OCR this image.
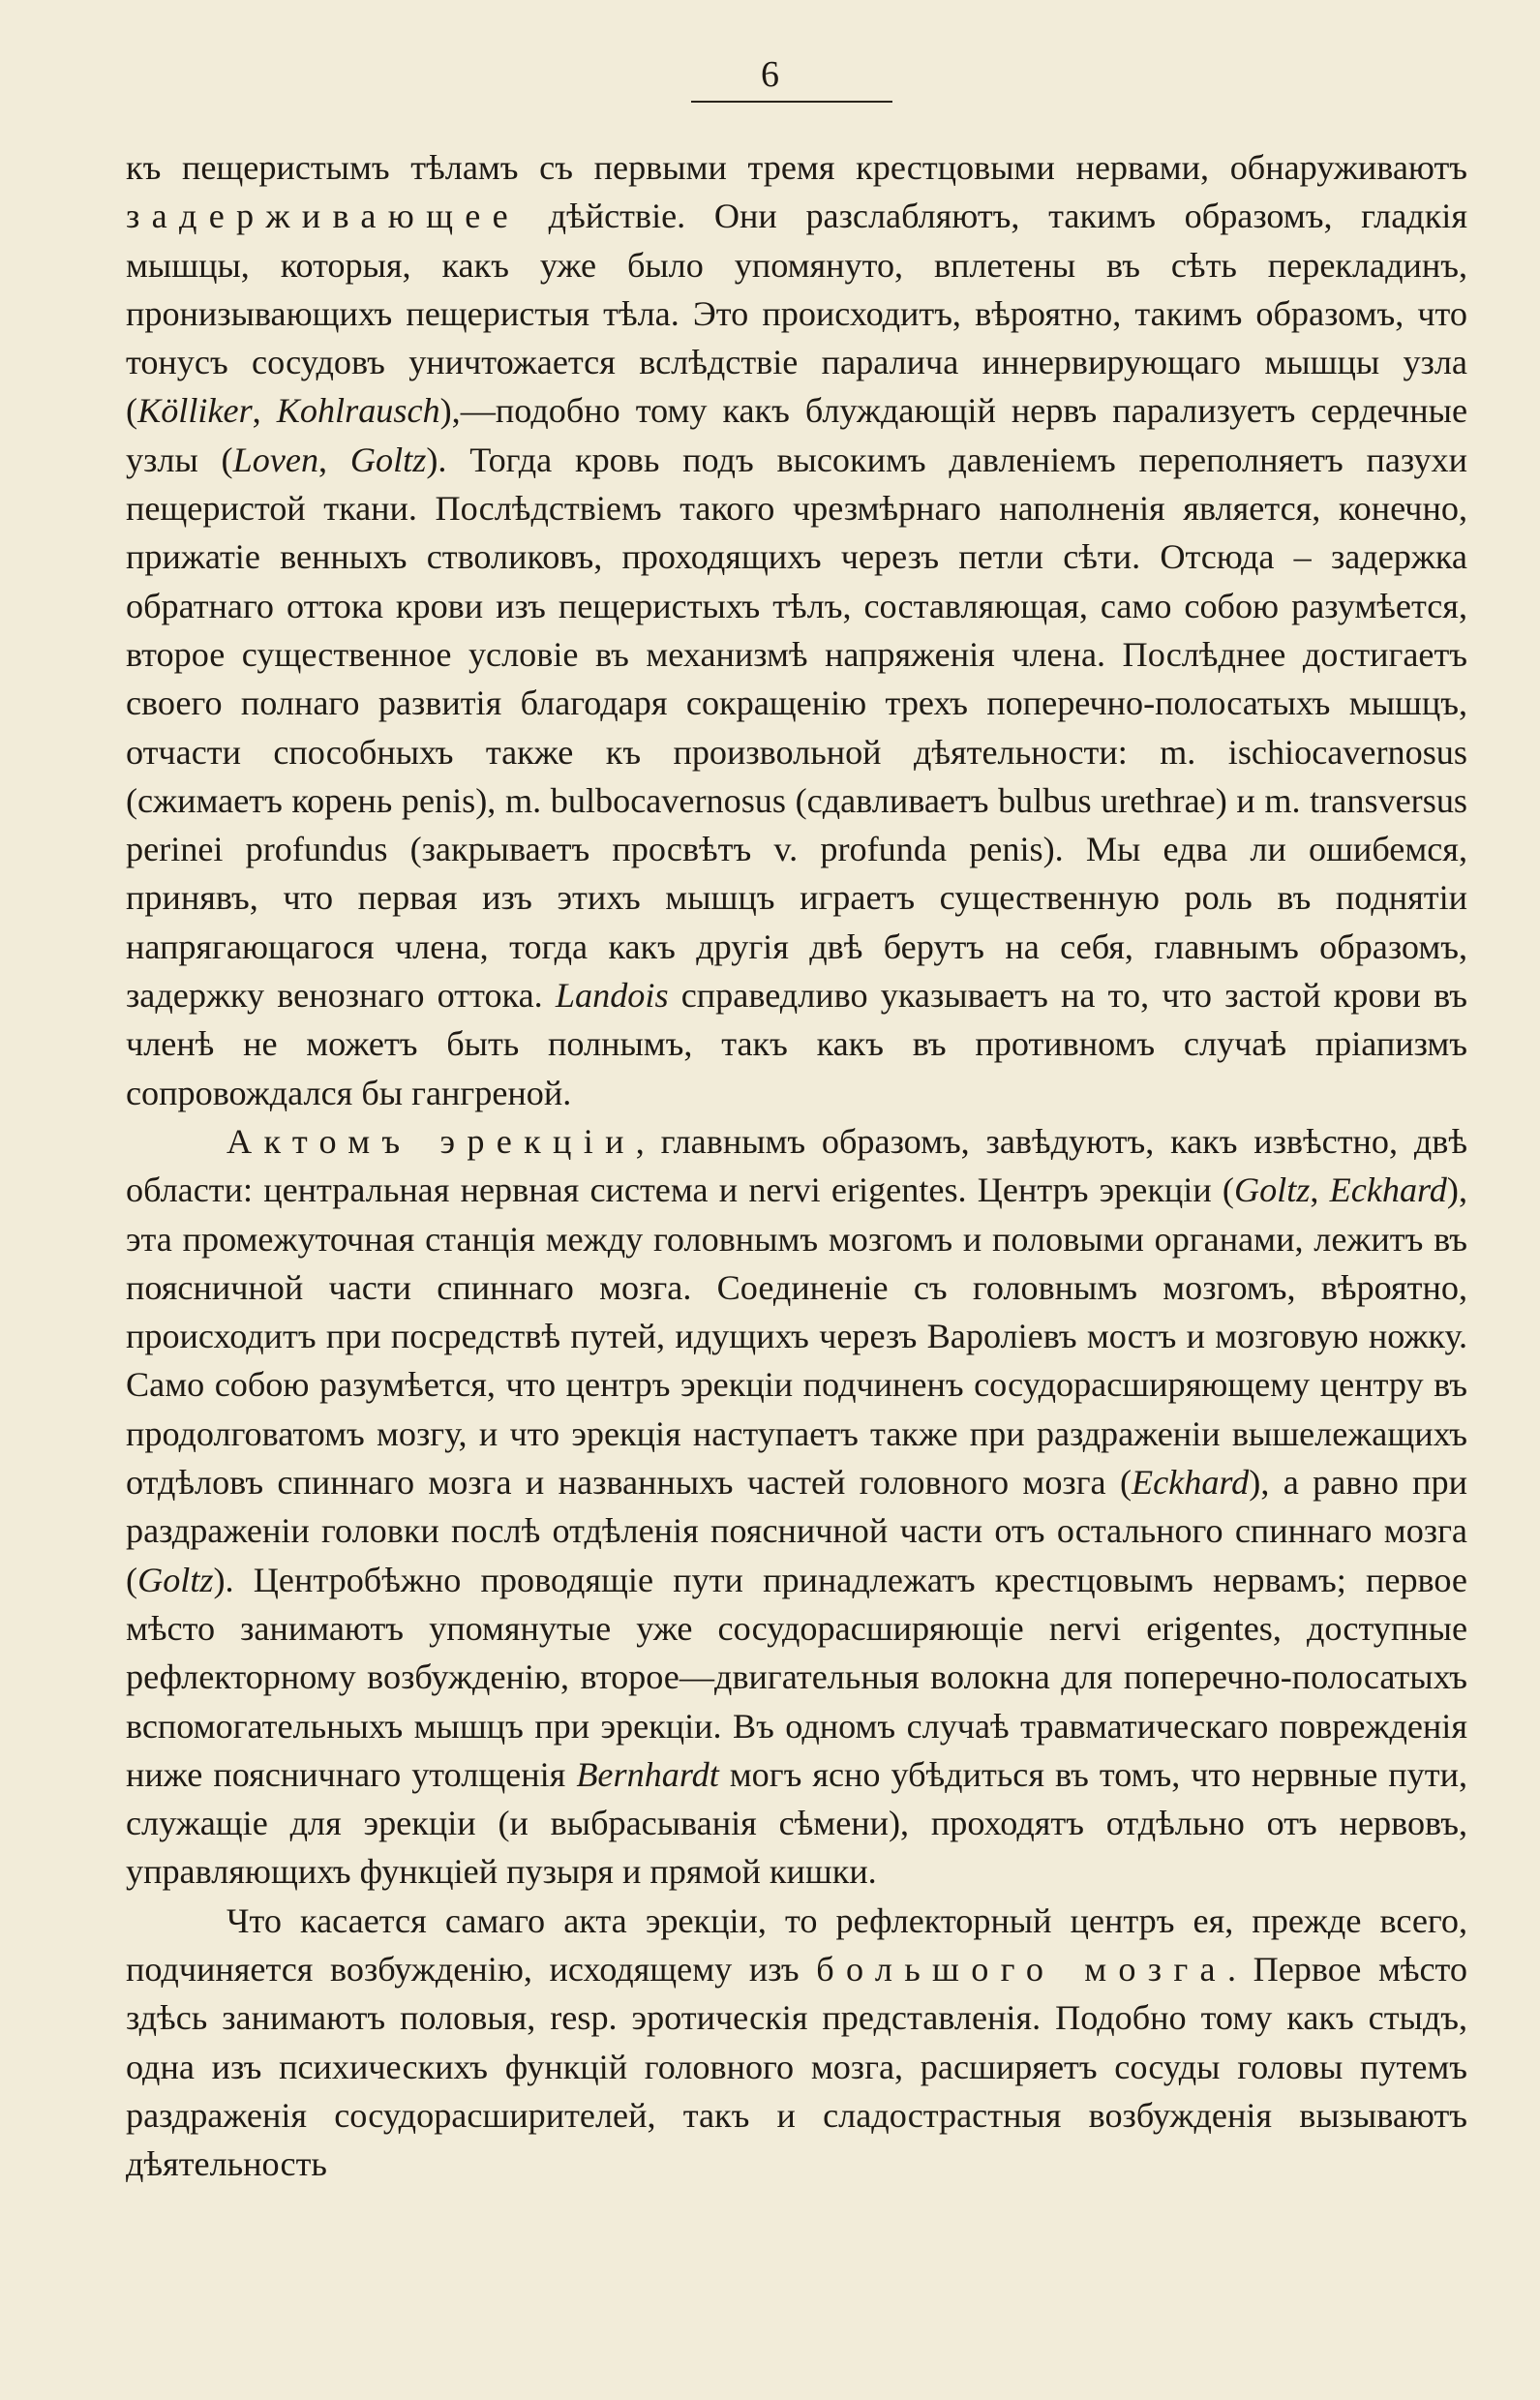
6

къ пещеристымъ тѣламъ съ первыми тремя крестцовыми нервами, обнаруживаютъ задерживающее дѣйствіе. Они разслабляютъ, такимъ образомъ, гладкія мышцы, которыя, какъ уже было упомянуто, вплетены въ сѣть перекладинъ, пронизывающихъ пещеристыя тѣла. Это происходитъ, вѣроятно, такимъ образомъ, что тонусъ сосудовъ уничтожается вслѣдствіе паралича иннервирующаго мышцы узла (Kölliker, Kohlrausch),—подобно тому какъ блуждающій нервъ парализуетъ сердечные узлы (Loven, Goltz). Тогда кровь подъ высокимъ давленіемъ переполняетъ пазухи пещеристой ткани. Послѣдствіемъ такого чрезмѣрнаго наполненія является, конечно, прижатіе венныхъ стволиковъ, проходящихъ черезъ петли сѣти. Отсюда – задержка обратнаго оттока крови изъ пещеристыхъ тѣлъ, составляющая, само собою разумѣется, второе существенное условіе въ механизмѣ напряженія члена. Послѣднее достигаетъ своего полнаго развитія благодаря сокращенію трехъ поперечно-полосатыхъ мышцъ, отчасти способныхъ также къ произвольной дѣятельности: m. ischiocavernosus (сжимаетъ корень penis), m. bulbocavernosus (сдавливаетъ bulbus urethrae) и m. transversus perinei profundus (закрываетъ просвѣтъ v. profunda penis). Мы едва ли ошибемся, принявъ, что первая изъ этихъ мышцъ играетъ существенную роль въ поднятіи напрягающагося члена, тогда какъ другія двѣ берутъ на себя, главнымъ образомъ, задержку венознаго оттока. Landois справедливо указываетъ на то, что застой крови въ членѣ не можетъ быть полнымъ, такъ какъ въ противномъ случаѣ пріапизмъ сопровождался бы гангреной.

Актомъ эрекціи, главнымъ образомъ, завѣдуютъ, какъ извѣстно, двѣ области: центральная нервная система и nervi erigentes. Центръ эрекціи (Goltz, Eckhard), эта промежуточная станція между головнымъ мозгомъ и половыми органами, лежитъ въ поясничной части спиннаго мозга. Соединеніе съ головнымъ мозгомъ, вѣроятно, происходитъ при посредствѣ путей, идущихъ черезъ Вароліевъ мостъ и мозговую ножку. Само собою разумѣется, что центръ эрекціи подчиненъ сосудорасширяющему центру въ продолговатомъ мозгу, и что эрекція наступаетъ также при раздраженіи вышележащихъ отдѣловъ спиннаго мозга и названныхъ частей головного мозга (Eckhard), а равно при раздраженіи головки послѣ отдѣленія поясничной части отъ остального спиннаго мозга (Goltz). Центробѣжно проводящіе пути принадлежатъ крестцовымъ нервамъ; первое мѣсто занимаютъ упомянутые уже сосудорасширяющіе nervi erigentes, доступные рефлекторному возбужденію, второе—двигательныя волокна для поперечно-полосатыхъ вспомогательныхъ мышцъ при эрекціи. Въ одномъ случаѣ травматическаго поврежденія ниже поясничнаго утолщенія Bernhardt могъ ясно убѣдиться въ томъ, что нервные пути, служащіе для эрекціи (и выбрасыванія сѣмени), проходятъ отдѣльно отъ нервовъ, управляющихъ функціей пузыря и прямой кишки.

Что касается самаго акта эрекціи, то рефлекторный центръ ея, прежде всего, подчиняется возбужденію, исходящему изъ большого мозга. Первое мѣсто здѣсь занимаютъ половыя, resp. эротическія представленія. Подобно тому какъ стыдъ, одна изъ психическихъ функцій головного мозга, расширяетъ сосуды головы путемъ раздраженія сосудорасширителей, такъ и сладострастныя возбужденія вызываютъ дѣятельность
